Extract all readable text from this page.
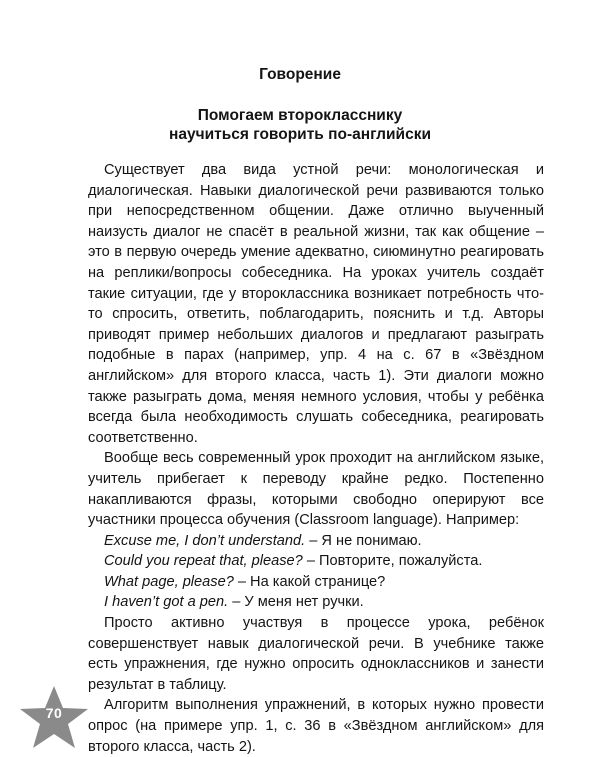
Говорение
Помогаем второкласснику
научиться говорить по-английски

Существует два вида устной речи: монологическая и диалогическая. Навыки диалогической речи развиваются только при непосредственном общении. Даже отлично выученный наизусть диалог не спасёт в реальной жизни, так как общение – это в первую очередь умение адекватно, сиюминутно реагировать на реплики/вопросы собеседника. На уроках учитель создаёт такие ситуации, где у второклассника возникает потребность что-то спросить, ответить, поблагодарить, пояснить и т.д. Авторы приводят пример небольших диалогов и предлагают разыграть подобные в парах (например, упр. 4 на с. 67 в «Звёздном английском» для второго класса, часть 1). Эти диалоги можно также разыграть дома, меняя немного условия, чтобы у ребёнка всегда была необходимость слушать собеседника, реагировать соответственно.

Вообще весь современный урок проходит на английском языке, учитель прибегает к переводу крайне редко. Постепенно накапливаются фразы, которыми свободно оперируют все участники процесса обучения (Classroom language). Например:

Excuse me, I don’t understand. – Я не понимаю.
Could you repeat that, please? – Повторите, пожалуйста.
What page, please? – На какой странице?
I haven’t got a pen. – У меня нет ручки.

Просто активно участвуя в процессе урока, ребёнок совершенствует навык диалогической речи. В учебнике также есть упражнения, где нужно опросить одноклассников и занести результат в таблицу.

Алгоритм выполнения упражнений, в которых нужно провести опрос (на примере упр. 1, с. 36 в «Звёздном английском» для второго класса, часть 2).

70
